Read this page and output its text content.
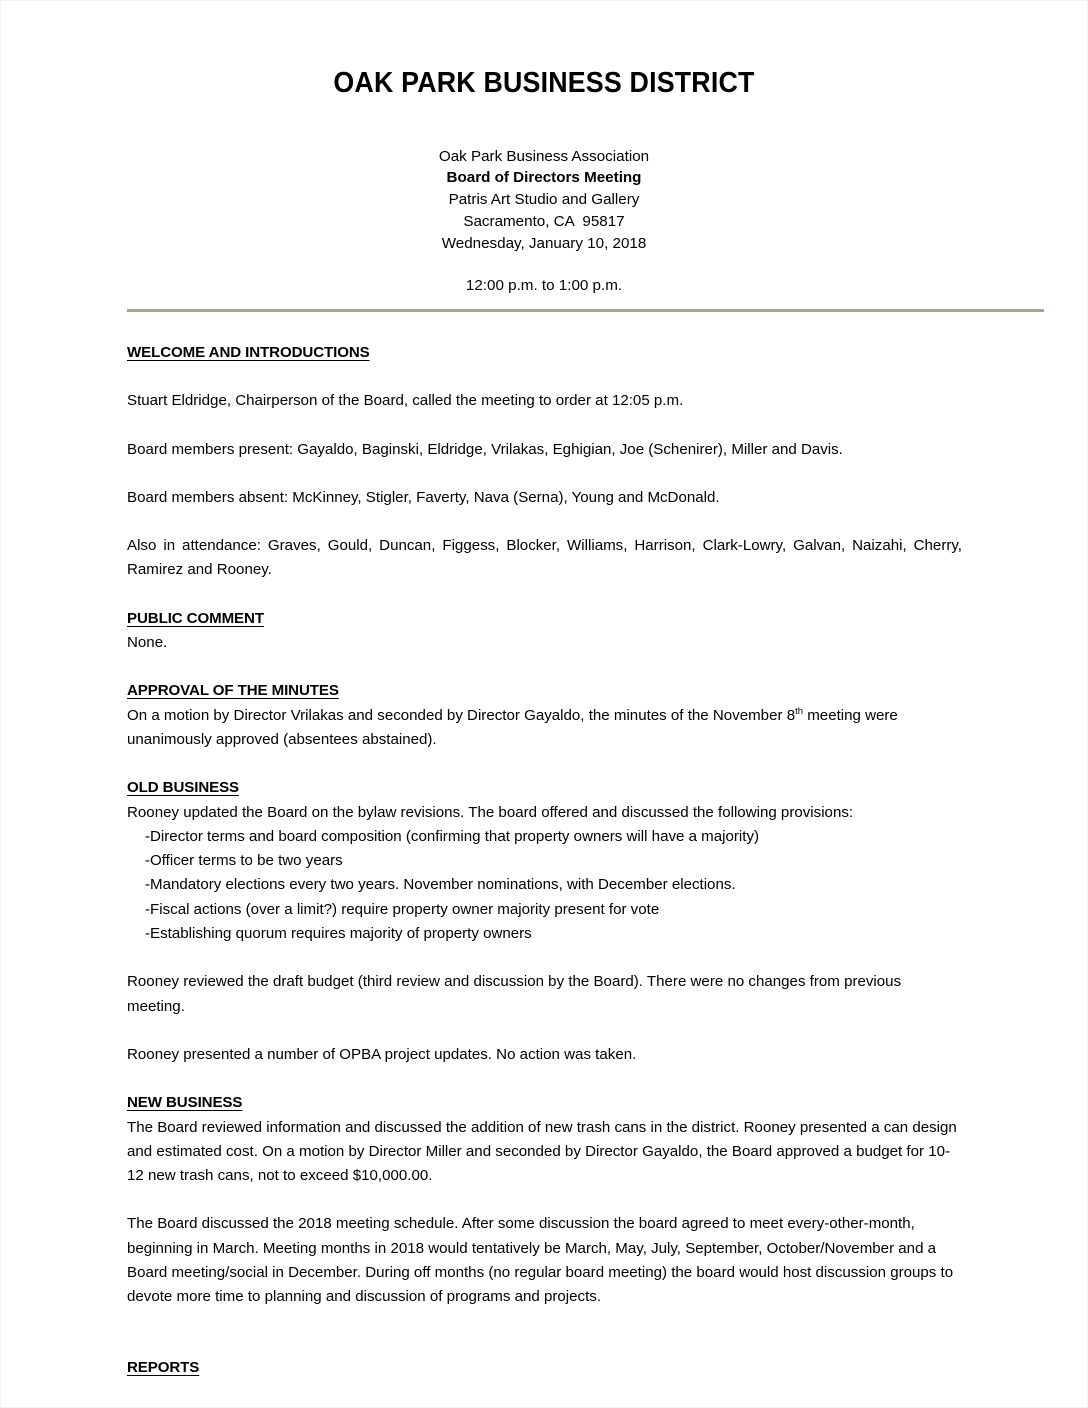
OAK PARK BUSINESS DISTRICT
Oak Park Business Association
Board of Directors Meeting
Patris Art Studio and Gallery
Sacramento, CA  95817
Wednesday, January 10, 2018
12:00 p.m. to 1:00 p.m.
WELCOME AND INTRODUCTIONS

Stuart Eldridge, Chairperson of the Board, called the meeting to order at 12:05 p.m.

Board members present: Gayaldo, Baginski, Eldridge, Vrilakas, Eghigian, Joe (Schenirer), Miller and Davis.

Board members absent: McKinney, Stigler, Faverty, Nava (Serna), Young and McDonald.

Also in attendance: Graves, Gould, Duncan, Figgess, Blocker, Williams, Harrison, Clark-Lowry, Galvan, Naizahi, Cherry, Ramirez and Rooney.

PUBLIC COMMENT

None.

APPROVAL OF THE MINUTES

On a motion by Director Vrilakas and seconded by Director Gayaldo, the minutes of the November 8th meeting were unanimously approved (absentees abstained).

OLD BUSINESS

Rooney updated the Board on the bylaw revisions. The board offered and discussed the following provisions:

-Director terms and board composition (confirming that property owners will have a majority)
-Officer terms to be two years
-Mandatory elections every two years. November nominations, with December elections.
-Fiscal actions (over a limit?) require property owner majority present for vote
-Establishing quorum requires majority of property owners

Rooney reviewed the draft budget (third review and discussion by the Board). There were no changes from previous meeting.

Rooney presented a number of OPBA project updates. No action was taken.

NEW BUSINESS

The Board reviewed information and discussed the addition of new trash cans in the district. Rooney presented a can design and estimated cost. On a motion by Director Miller and seconded by Director Gayaldo, the Board approved a budget for 10-12 new trash cans, not to exceed $10,000.00.

The Board discussed the 2018 meeting schedule. After some discussion the board agreed to meet every-other-month, beginning in March. Meeting months in 2018 would tentatively be March, May, July, September, October/November and a Board meeting/social in December. During off months (no regular board meeting) the board would host discussion groups to devote more time to planning and discussion of programs and projects.

REPORTS
